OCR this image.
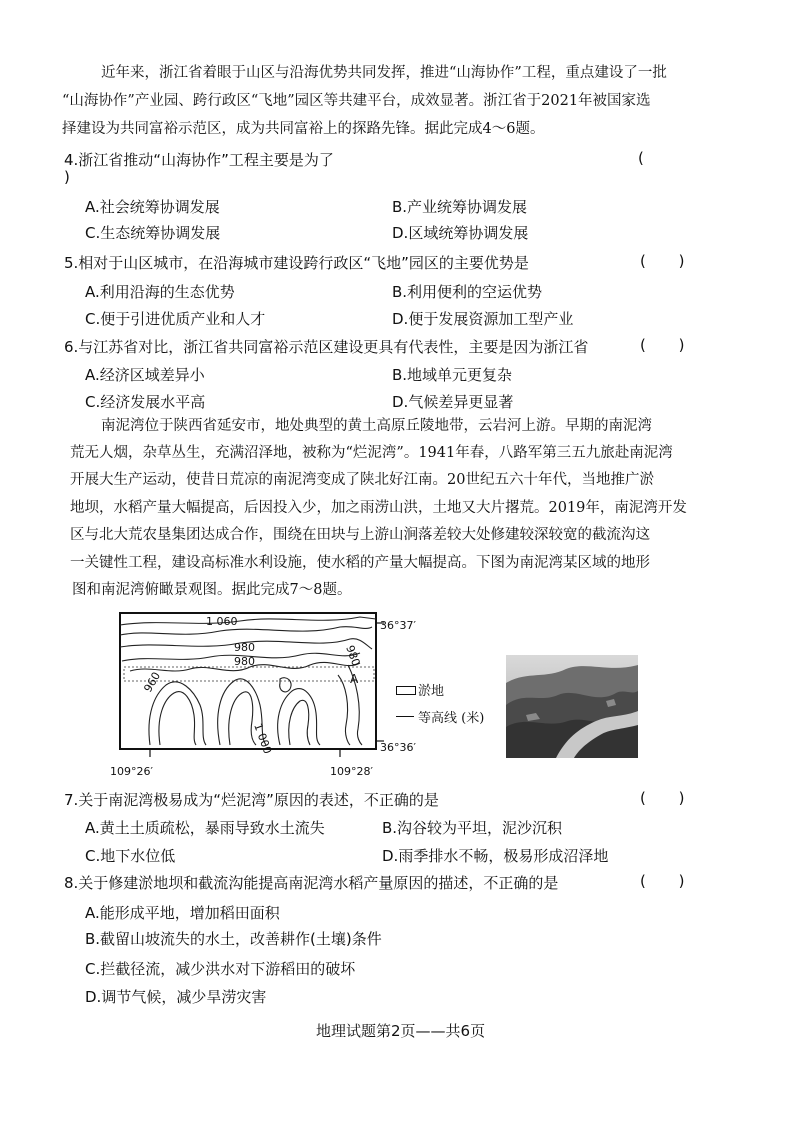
近年来，浙江省着眼于山区与沿海优势共同发挥，推进“山海协作”工程，重点建设了一批
“山海协作”产业园、跨行政区“飞地”园区等共建平台，成效显著。浙江省于2021年被国家选
择建设为共同富裕示范区，成为共同富裕上的探路先锋。据此完成4～6题。
4.浙江省推动“山海协作”工程主要是为了	(
)
A.社会统筹协调发展	B.产业统筹协调发展
C.生态统筹协调发展	D.区域统筹协调发展
5.相对于山区城市，在沿海城市建设跨行政区“飞地”园区的主要优势是	( )
A.利用沿海的生态优势	B.利用便利的空运优势
C.便于引进优质产业和人才	D.便于发展资源加工型产业
6.与江苏省对比，浙江省共同富裕示范区建设更具有代表性，主要是因为浙江省	( )
A.经济区域差异小	B.地域单元更复杂
C.经济发展水平高	D.气候差异更显著
南泥湾位于陕西省延安市，地处典型的黄土高原丘陵地带，云岩河上游。早期的南泥湾
荒无人烟，杂草丛生，充满沼泽地，被称为“烂泥湾”。1941年春，八路军第三五九旅赴南泥湾
开展大生产运动，使昔日荒凉的南泥湾变成了陕北好江南。20世纪五六十年代，当地推广淤
地坝，水稻产量大幅提高，后因投入少，加之雨涝山洪，土地又大片撂荒。2019年，南泥湾开发
区与北大荒农垦集团达成合作，围绕在田块与上游山涧落差较大处修建较深较宽的截流沟这
一关键性工程，建设高标准水利设施，使水稻的产量大幅提高。下图为南泥湾某区域的地形
图和南泥湾俯瞰景观图。据此完成7～8题。
1 060
980
980	980
960
1 000
A
36°37′
36°36′
109°26′	109°28′
淤地
等高线 (米)
7.关于南泥湾极易成为“烂泥湾”原因的表述，不正确的是	( )
A.黄土土质疏松，暴雨导致水土流失	B.沟谷较为平坦，泥沙沉积
C.地下水位低	D.雨季排水不畅，极易形成沼泽地
8.关于修建淤地坝和截流沟能提高南泥湾水稻产量原因的描述，不正确的是	( )
A.能形成平地，增加稻田面积
B.截留山坡流失的水土，改善耕作(土壤)条件
C.拦截径流，减少洪水对下游稻田的破坏
D.调节气候，减少旱涝灾害
地理试题第2页——共6页
